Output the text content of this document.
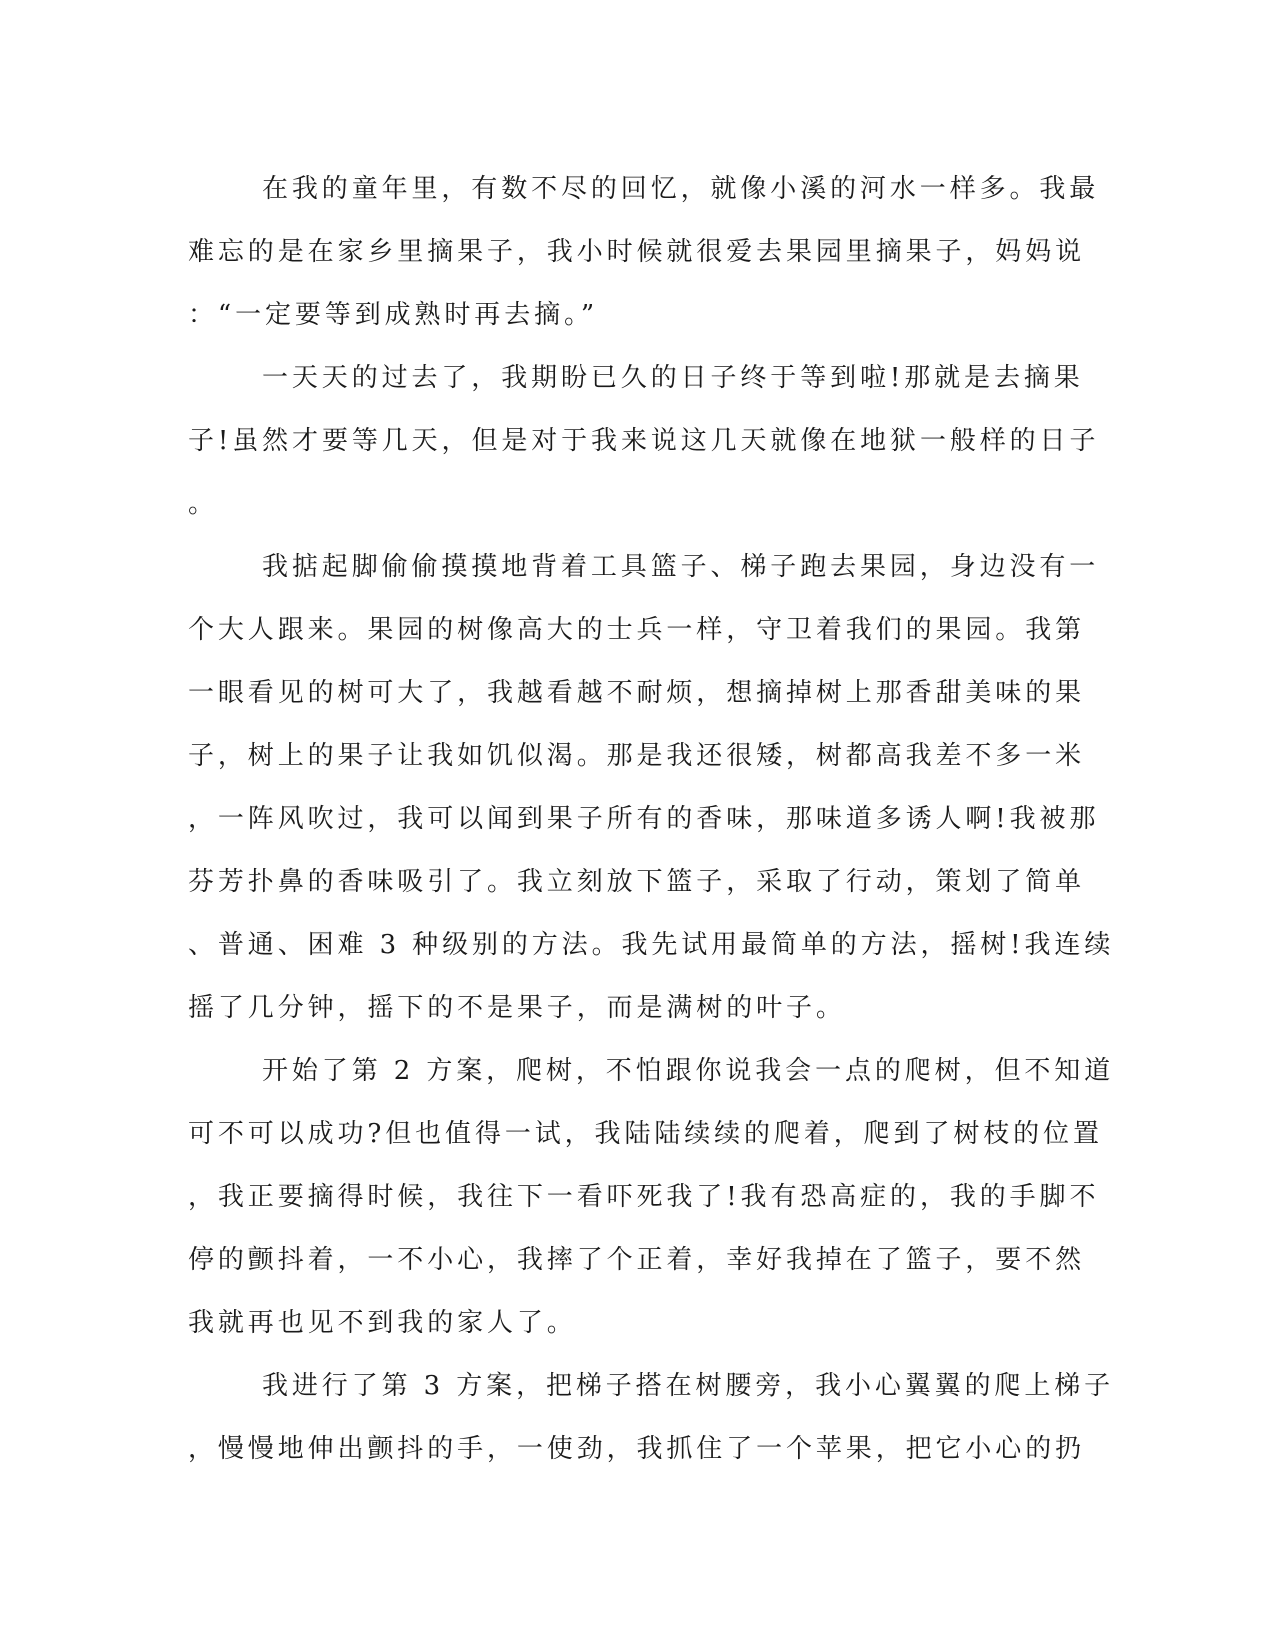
在我的童年里，有数不尽的回忆，就像小溪的河水一样多。我最
难忘的是在家乡里摘果子，我小时候就很爱去果园里摘果子，妈妈说
：“一定要等到成熟时再去摘。”
一天天的过去了，我期盼已久的日子终于等到啦!那就是去摘果
子!虽然才要等几天，但是对于我来说这几天就像在地狱一般样的日子
。
我掂起脚偷偷摸摸地背着工具篮子、梯子跑去果园，身边没有一
个大人跟来。果园的树像高大的士兵一样，守卫着我们的果园。我第
一眼看见的树可大了，我越看越不耐烦，想摘掉树上那香甜美味的果
子，树上的果子让我如饥似渴。那是我还很矮，树都高我差不多一米
，一阵风吹过，我可以闻到果子所有的香味，那味道多诱人啊!我被那
芬芳扑鼻的香味吸引了。我立刻放下篮子，采取了行动，策划了简单
、普通、困难 3 种级别的方法。我先试用最简单的方法，摇树!我连续
摇了几分钟，摇下的不是果子，而是满树的叶子。
开始了第 2 方案，爬树，不怕跟你说我会一点的爬树，但不知道
可不可以成功?但也值得一试，我陆陆续续的爬着，爬到了树枝的位置
，我正要摘得时候，我往下一看吓死我了!我有恐高症的，我的手脚不
停的颤抖着，一不小心，我摔了个正着，幸好我掉在了篮子，要不然
我就再也见不到我的家人了。
我进行了第 3 方案，把梯子搭在树腰旁，我小心翼翼的爬上梯子
，慢慢地伸出颤抖的手，一使劲，我抓住了一个苹果，把它小心的扔
